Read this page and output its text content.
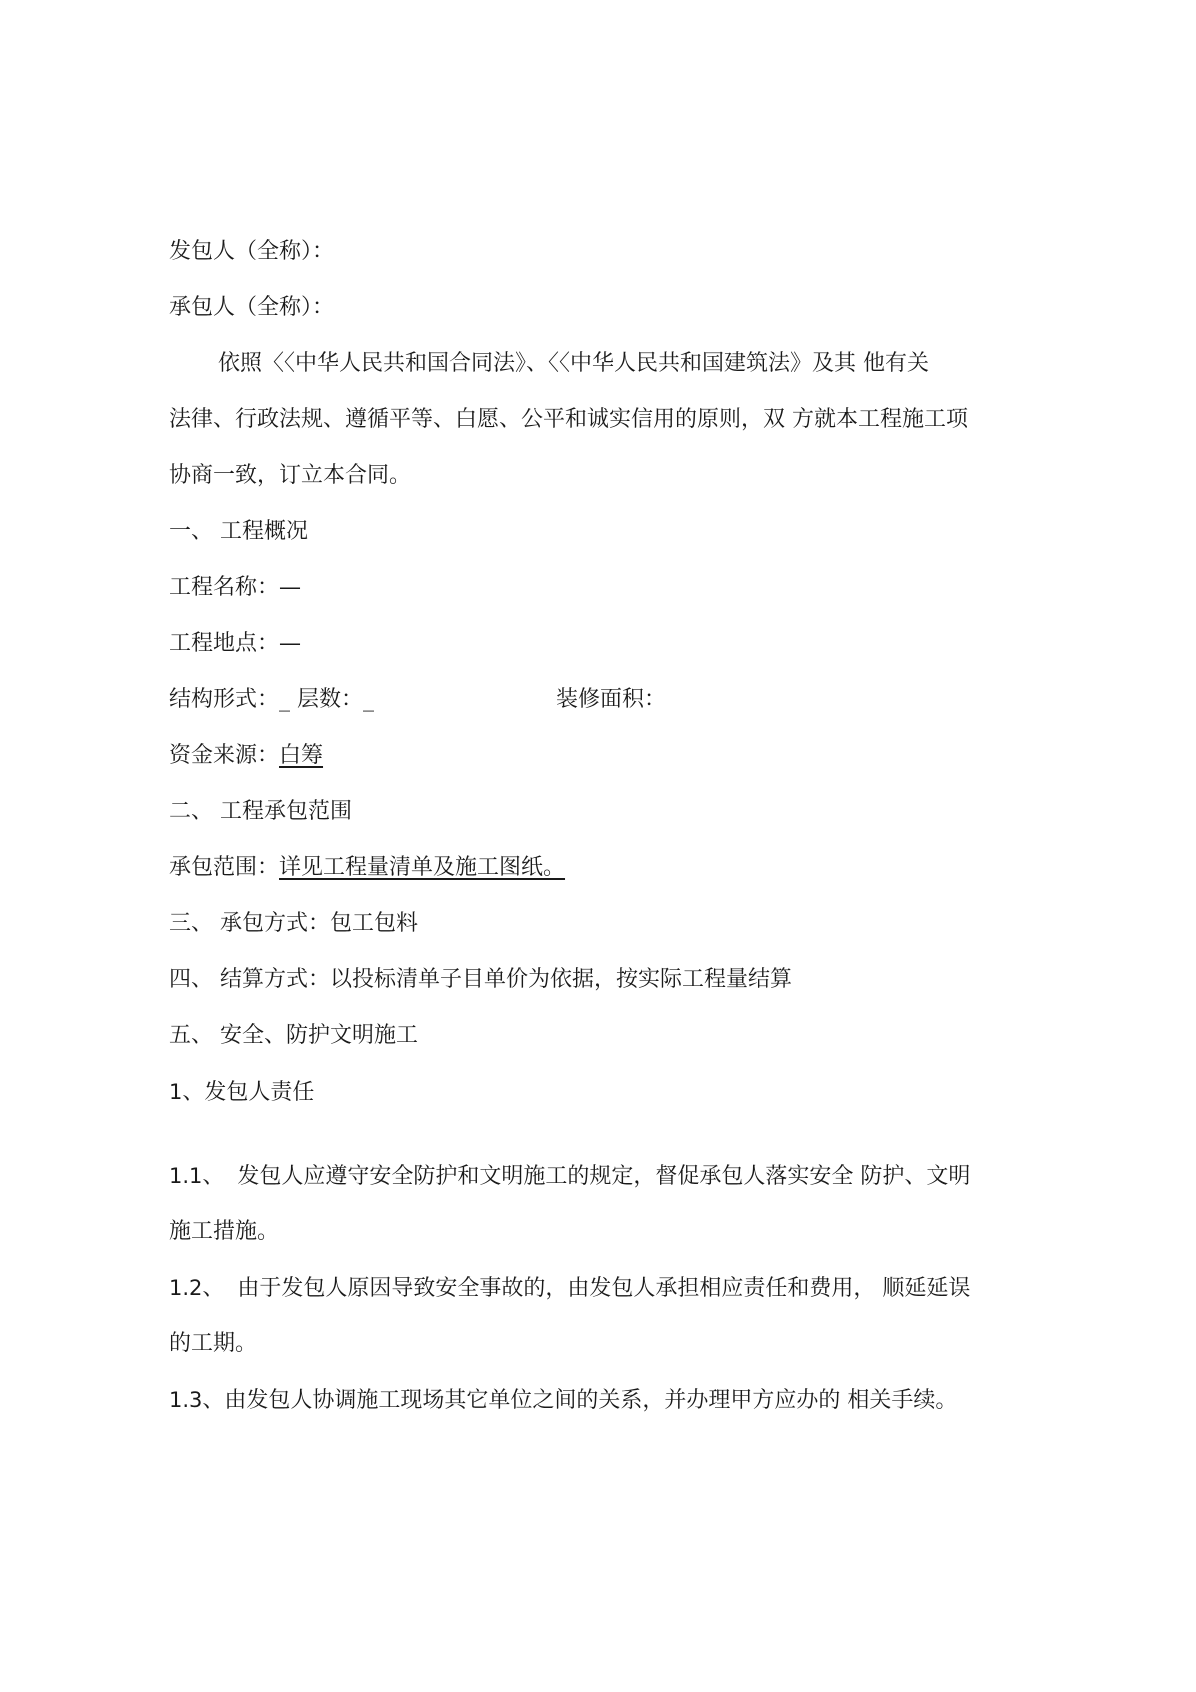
发包人（全称）：
承包人（全称）：
依照〈〈中华人民共和国合同法》、〈〈中华人民共和国建筑法》及其 他有关
法律、行政法规、遵循平等、白愿、公平和诚实信用的原则，双 方就本工程施工项
协商一致，订立本合同。
一、 工程概况
工程名称：—
工程地点：—
结构形式：_ 层数：_	装修面积：
资金来源：白筹
二、 工程承包范围
承包范围：详见工程量清单及施工图纸。
三、 承包方式：包工包料
四、 结算方式：以投标清单子目单价为依据，按实际工程量结算
五、 安全、防护文明施工
1、发包人责任
1.1、 发包人应遵守安全防护和文明施工的规定，督促承包人落实安全 防护、文明
施工措施。
1.2、 由于发包人原因导致安全事故的，由发包人承担相应责任和费用， 顺延延误
的工期。
1.3、由发包人协调施工现场其它单位之间的关系，并办理甲方应办的 相关手续。
